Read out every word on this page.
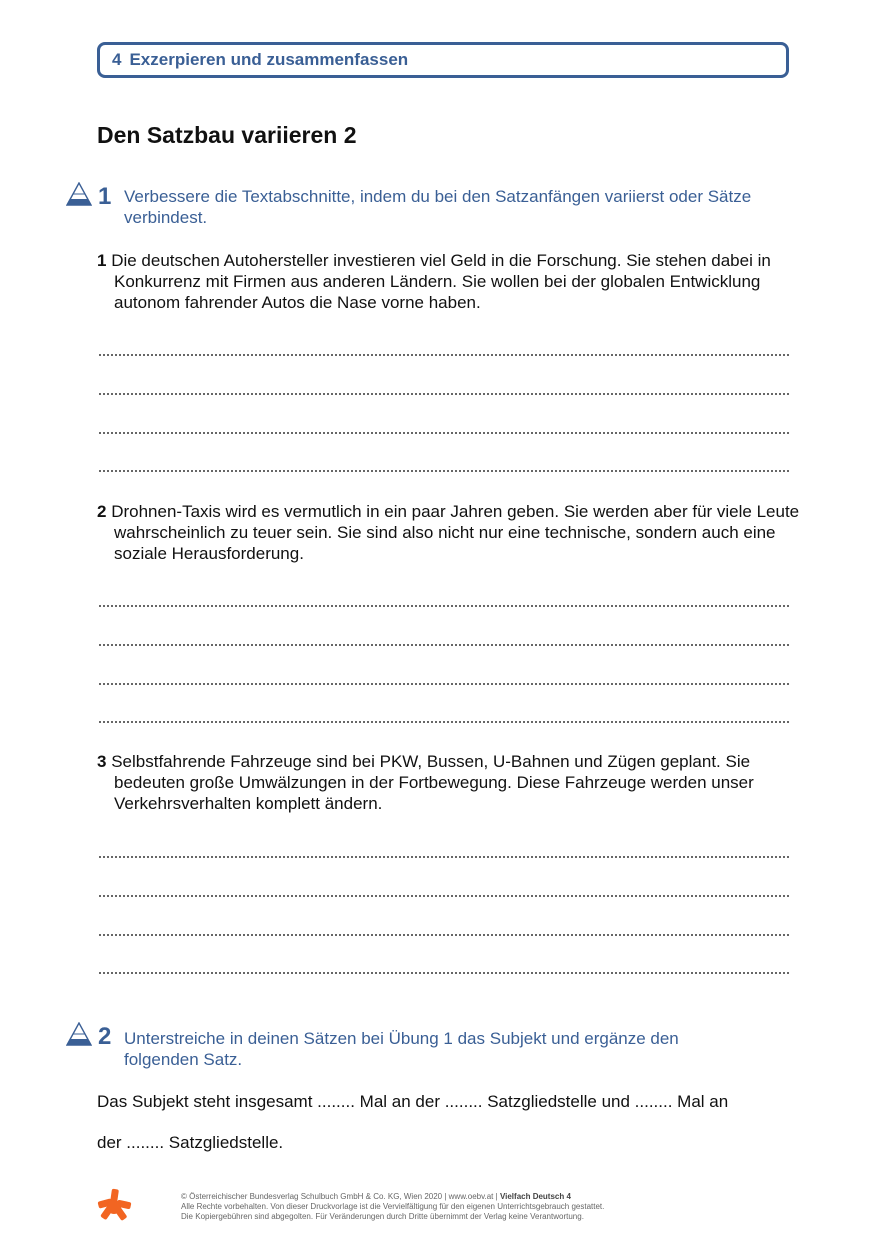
4 Exzerpieren und zusammenfassen
Den Satzbau variieren 2
1 Verbessere die Textabschnitte, indem du bei den Satzanfängen variierst oder Sätze
verbindest.
1 Die deutschen Autohersteller investieren viel Geld in die Forschung. Sie stehen dabei in Konkurrenz mit Firmen aus anderen Ländern. Sie wollen bei der globalen Entwicklung autonom fahrender Autos die Nase vorne haben.
2 Drohnen-Taxis wird es vermutlich in ein paar Jahren geben. Sie werden aber für viele Leute wahrscheinlich zu teuer sein. Sie sind also nicht nur eine technische, sondern auch eine soziale Herausforderung.
3 Selbstfahrende Fahrzeuge sind bei PKW, Bussen, U-Bahnen und Zügen geplant. Sie bedeuten große Umwälzungen in der Fortbewegung. Diese Fahrzeuge werden unser Verkehrsverhalten komplett ändern.
2 Unterstreiche in deinen Sätzen bei Übung 1 das Subjekt und ergänze den
folgenden Satz.
Das Subjekt steht insgesamt ........ Mal an der ........ Satzgliedstelle und ........ Mal an
der ........ Satzgliedstelle.
© Österreichischer Bundesverlag Schulbuch GmbH & Co. KG, Wien 2020 | www.oebv.at | Vielfach Deutsch 4
Alle Rechte vorbehalten. Von dieser Druckvorlage ist die Vervielfältigung für den eigenen Unterrichtsgebrauch gestattet.
Die Kopiergebühren sind abgegolten. Für Veränderungen durch Dritte übernimmt der Verlag keine Verantwortung.
